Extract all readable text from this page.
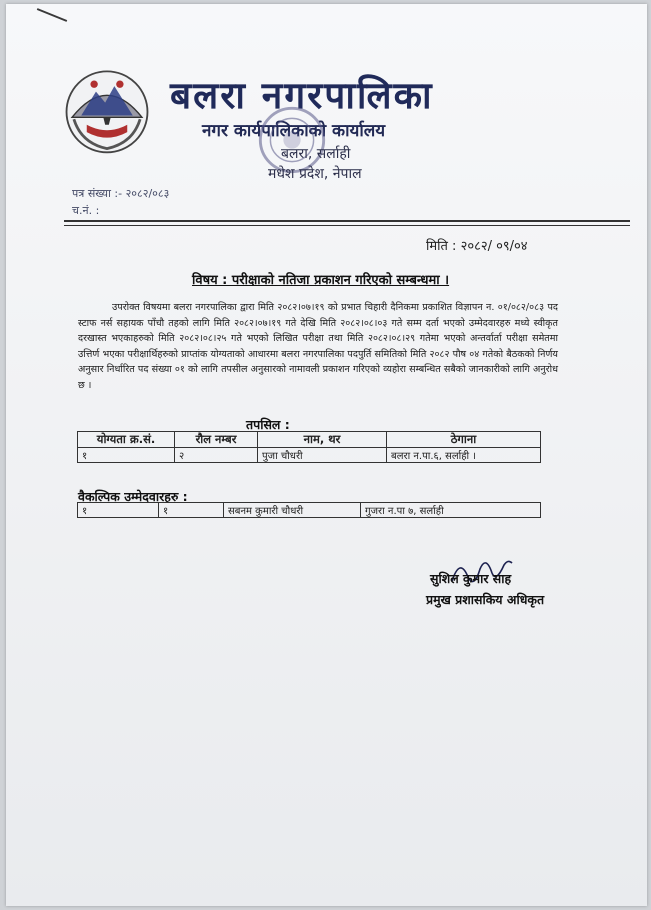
बलरा नगरपालिका
नगर कार्यपालिकाको कार्यालय
बलरा, सर्लाही
मधेश प्रदेश, नेपाल
पत्र संख्या :- २०८२/०८३
च.नं. :
मिति : २०८२/ ०९/०४
विषय : परीक्षाको नतिजा प्रकाशन गरिएको सम्बन्धमा ।
उपरोक्त विषयमा बलरा नगरपालिका द्वारा मिति २०८२।०७।१९ को प्रभात चिहारी दैनिकमा प्रकाशित विज्ञापन न. ०१/०८२/०८३ पद स्टाफ नर्स सहायक पाँचौ तहको लागि मिति २०८२।०७।१९ गते देखि मिति २०८२।०८।०३ गते सम्म दर्ता भएको उम्मेदवारहरु मध्ये स्वीकृत दरखास्त भएकाहरुको मिति २०८२।०८।२५ गते भएको लिखित परीक्षा तथा मिति २०८२।०८।२९ गतेमा भएको अन्तर्वार्ता परीक्षा समेतमा उत्तिर्ण भएका परीक्षार्थिहरुको प्राप्तांक योग्यताको आधारमा बलरा नगरपालिका पदपुर्ति समितिको मिति २०८२ पौष ०४ गतेको बैठकको निर्णय अनुसार निर्धारित पद संख्या ०१ को लागि तपसील अनुसारको नामावली प्रकाशन गरिएको व्यहोरा सम्बन्धित सबैको जानकारीको लागि अनुरोध छ ।
तपसिल :
योग्यता क्र.सं.	रौल नम्बर	नाम, थर	ठेगाना
१	२	पुजा चौधरी	बलरा न.पा.६, सर्लाही ।
वैकल्पिक उम्मेदवारहरु :
१	१	सबनम कुमारी चौधरी	गुजरा न.पा ७, सर्लाही
सुशिल कुमार साह
प्रमुख प्रशासकिय अधिकृत
